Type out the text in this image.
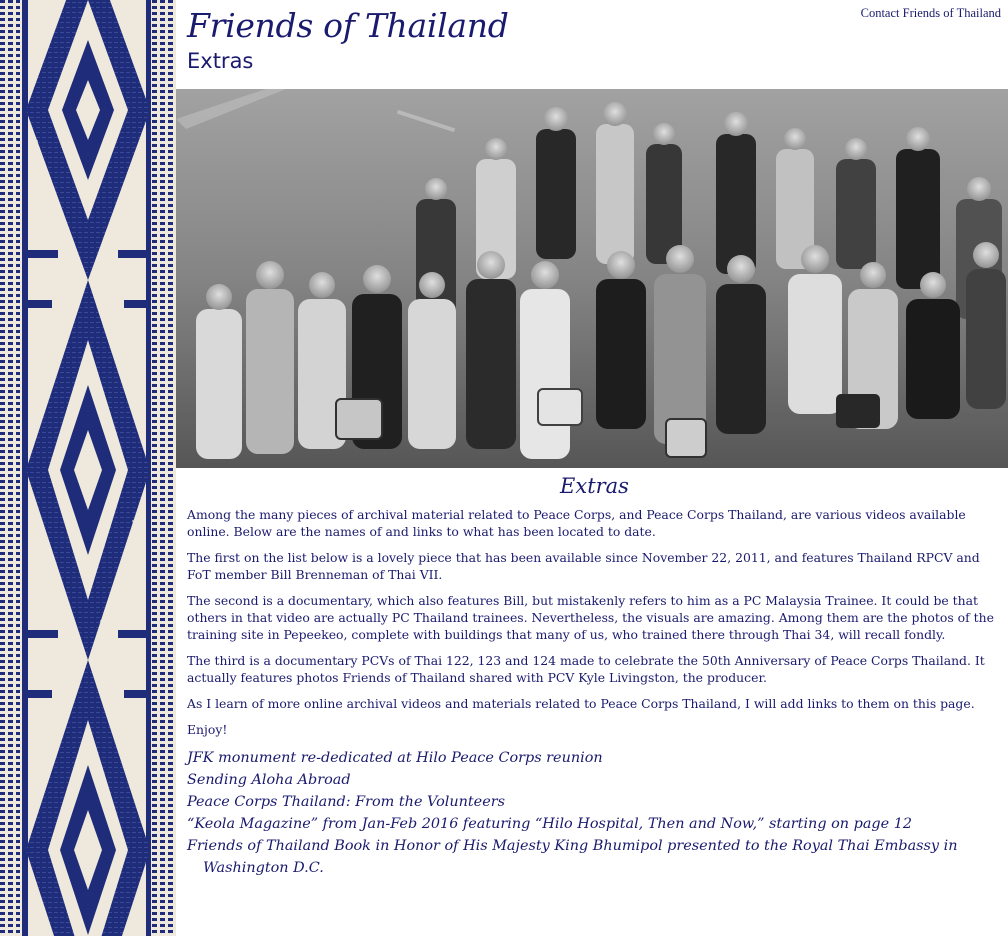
Friends of Thailand
Extras
Contact Friends of Thailand
Extras

Among the many pieces of archival material related to Peace Corps, and Peace Corps Thailand, are various videos available online. Below are the names of and links to what has been located to date.

The first on the list below is a lovely piece that has been available since November 22, 2011, and features Thailand RPCV and FoT member Bill Brenneman of Thai VII.

The second is a documentary, which also features Bill, but mistakenly refers to him as a PC Malaysia Trainee. It could be that others in that video are actually PC Thailand trainees. Nevertheless, the visuals are amazing. Among them are the photos of the training site in Pepeekeo, complete with buildings that many of us, who trained there through Thai 34, will recall fondly.

The third is a documentary PCVs of Thai 122, 123 and 124 made to celebrate the 50th Anniversary of Peace Corps Thailand. It actually features photos Friends of Thailand shared with PCV Kyle Livingston, the producer.

As I learn of more online archival videos and materials related to Peace Corps Thailand, I will add links to them on this page.

Enjoy!

JFK monument re-dedicated at Hilo Peace Corps reunion
Sending Aloha Abroad
Peace Corps Thailand: From the Volunteers
“Keola Magazine” from Jan-Feb 2016 featuring “Hilo Hospital, Then and Now,” starting on page 12
Friends of Thailand Book in Honor of His Majesty King Bhumipol presented to the Royal Thai Embassy in Washington D.C.
